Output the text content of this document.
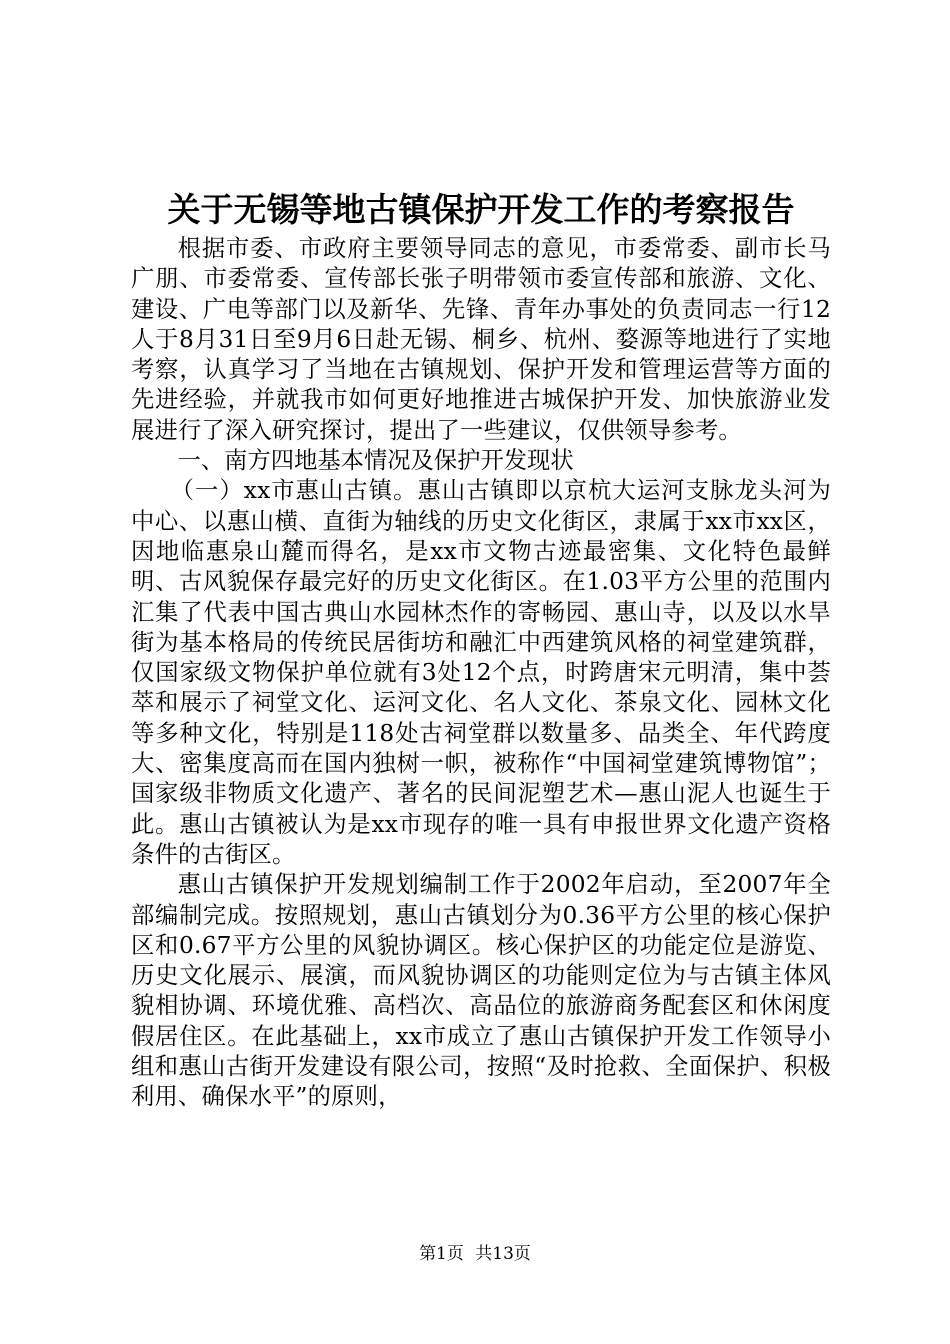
关于无锡等地古镇保护开发工作的考察报告

根据市委、市政府主要领导同志的意见，市委常委、副市长马广朋、市委常委、宣传部长张子明带领市委宣传部和旅游、文化、建设、广电等部门以及新华、先锋、青年办事处的负责同志一行12人于8月31日至9月6日赴无锡、桐乡、杭州、婺源等地进行了实地考察，认真学习了当地在古镇规划、保护开发和管理运营等方面的先进经验，并就我市如何更好地推进古城保护开发、加快旅游业发展进行了深入研究探讨，提出了一些建议，仅供领导参考。

一、南方四地基本情况及保护开发现状

（一）xx市惠山古镇。惠山古镇即以京杭大运河支脉龙头河为中心、以惠山横、直街为轴线的历史文化街区，隶属于xx市xx区，因地临惠泉山麓而得名，是xx市文物古迹最密集、文化特色最鲜明、古风貌保存最完好的历史文化街区。在1.03平方公里的范围内汇集了代表中国古典山水园林杰作的寄畅园、惠山寺，以及以水旱街为基本格局的传统民居街坊和融汇中西建筑风格的祠堂建筑群，仅国家级文物保护单位就有3处12个点，时跨唐宋元明清，集中荟萃和展示了祠堂文化、运河文化、名人文化、茶泉文化、园林文化等多种文化，特别是118处古祠堂群以数量多、品类全、年代跨度大、密集度高而在国内独树一帜，被称作“中国祠堂建筑博物馆”；国家级非物质文化遗产、著名的民间泥塑艺术—惠山泥人也诞生于此。惠山古镇被认为是xx市现存的唯一具有申报世界文化遗产资格条件的古街区。

惠山古镇保护开发规划编制工作于2002年启动，至2007年全部编制完成。按照规划，惠山古镇划分为0.36平方公里的核心保护区和0.67平方公里的风貌协调区。核心保护区的功能定位是游览、历史文化展示、展演，而风貌协调区的功能则定位为与古镇主体风貌相协调、环境优雅、高档次、高品位的旅游商务配套区和休闲度假居住区。在此基础上，xx市成立了惠山古镇保护开发工作领导小组和惠山古街开发建设有限公司，按照“及时抢救、全面保护、积极利用、确保水平”的原则，

第1页 共13页
